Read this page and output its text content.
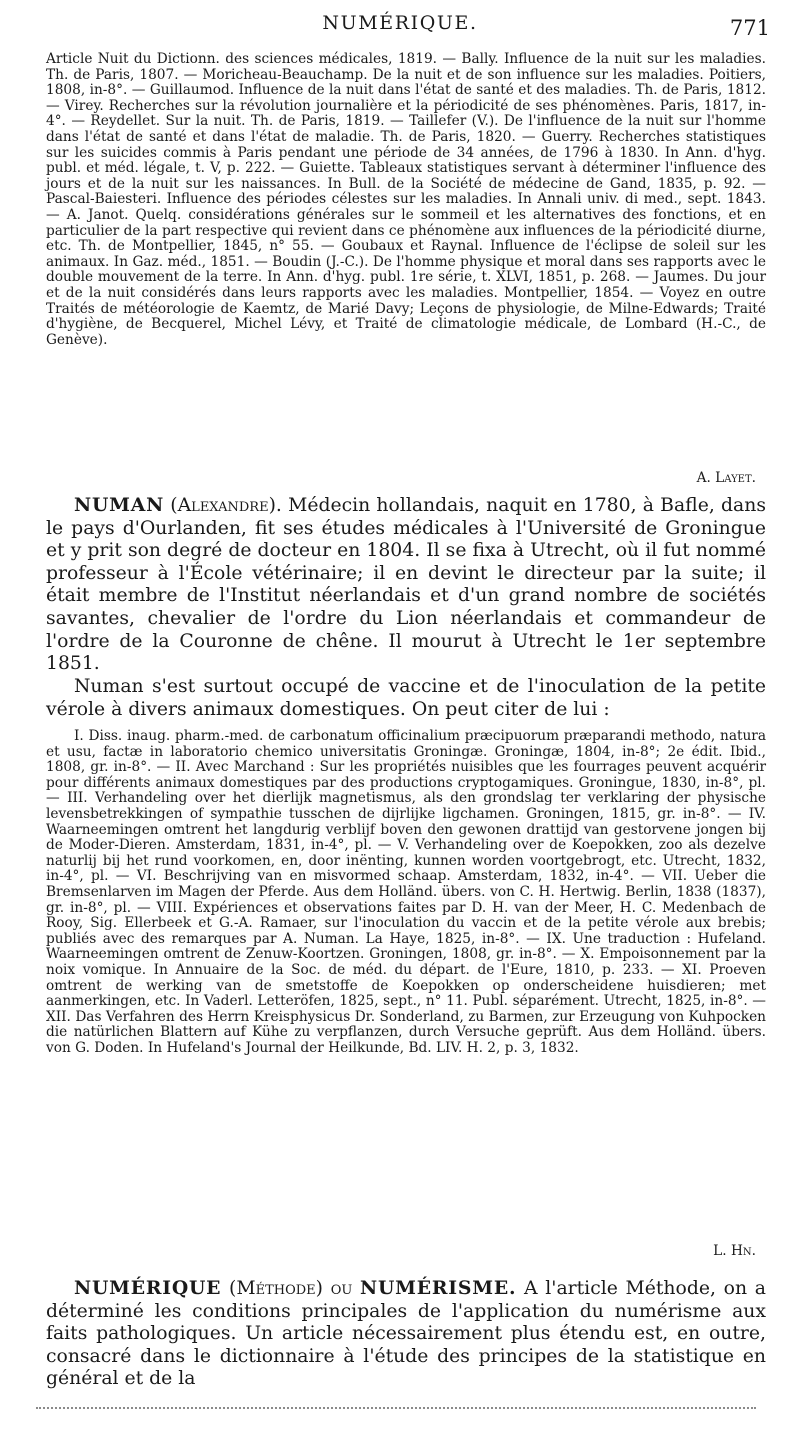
NUMÉRIQUE.	771

Article Nuit du Dictionn. des sciences médicales, 1819. — Bally. Influence de la nuit sur les maladies. Th. de Paris, 1807. — Moricheau-Beauchamp. De la nuit et de son influence sur les maladies. Poitiers, 1808, in-8°. — Guillaumod. Influence de la nuit dans l'état de santé et des maladies. Th. de Paris, 1812. — Virey. Recherches sur la révolution journalière et la périodicité de ses phénomènes. Paris, 1817, in-4°. — Reydellet. Sur la nuit. Th. de Paris, 1819. — Taillefer (V.). De l'influence de la nuit sur l'homme dans l'état de santé et dans l'état de maladie. Th. de Paris, 1820. — Guerry. Recherches statistiques sur les suicides commis à Paris pendant une période de 34 années, de 1796 à 1830. In Ann. d'hyg. publ. et méd. légale, t. V, p. 222. — Guiette. Tableaux statistiques servant à déterminer l'influence des jours et de la nuit sur les naissances. In Bull. de la Société de médecine de Gand, 1835, p. 92. — Pascal-Baiesteri. Influence des périodes célestes sur les maladies. In Annali univ. di med., sept. 1843. — A. Janot. Quelq. considérations générales sur le sommeil et les alternatives des fonctions, et en particulier de la part respective qui revient dans ce phénomène aux influences de la périodicité diurne, etc. Th. de Montpellier, 1845, n° 55. — Goubaux et Raynal. Influence de l'éclipse de soleil sur les animaux. In Gaz. méd., 1851. — Boudin (J.-C.). De l'homme physique et moral dans ses rapports avec le double mouvement de la terre. In Ann. d'hyg. publ. 1re série, t. XLVI, 1851, p. 268. — Jaumes. Du jour et de la nuit considérés dans leurs rapports avec les maladies. Montpellier, 1854. — Voyez en outre Traités de météorologie de Kaemtz, de Marié Davy; Leçons de physiologie, de Milne-Edwards; Traité d'hygiène, de Becquerel, Michel Lévy, et Traité de climatologie médicale, de Lombard (H.-C., de Genève).

A. Layet.

NUMAN (Alexandre). Médecin hollandais, naquit en 1780, à Bafle, dans le pays d'Ourlanden, fit ses études médicales à l'Université de Groningue et y prit son degré de docteur en 1804. Il se fixa à Utrecht, où il fut nommé professeur à l'École vétérinaire; il en devint le directeur par la suite; il était membre de l'Institut néerlandais et d'un grand nombre de sociétés savantes, chevalier de l'ordre du Lion néerlandais et commandeur de l'ordre de la Couronne de chêne. Il mourut à Utrecht le 1er septembre 1851.

Numan s'est surtout occupé de vaccine et de l'inoculation de la petite vérole à divers animaux domestiques. On peut citer de lui :

I. Diss. inaug. pharm.-med. de carbonatum officinalium præcipuorum præparandi methodo, natura et usu, factæ in laboratorio chemico universitatis Groningæ. Groningæ, 1804, in-8°; 2e édit. Ibid., 1808, gr. in-8°. — II. Avec Marchand : Sur les propriétés nuisibles que les fourrages peuvent acquérir pour différents animaux domestiques par des productions cryptogamiques. Groningue, 1830, in-8°, pl. — III. Verhandeling over het dierlijk magnetismus, als den grondslag ter verklaring der physische levensbetrekkingen of sympathie tusschen de dijrlijke ligchamen. Groningen, 1815, gr. in-8°. — IV. Waarneemingen omtrent het langdurig verblijf boven den gewonen drattijd van gestorvene jongen bij de Moder-Dieren. Amsterdam, 1831, in-4°, pl. — V. Verhandeling over de Koepokken, zoo als dezelve naturlij bij het rund voorkomen, en, door inënting, kunnen worden voortgebrogt, etc. Utrecht, 1832, in-4°, pl. — VI. Beschrijving van en misvormed schaap. Amsterdam, 1832, in-4°. — VII. Ueber die Bremsenlarven im Magen der Pferde. Aus dem Holländ. übers. von C. H. Hertwig. Berlin, 1838 (1837), gr. in-8°, pl. — VIII. Expériences et observations faites par D. H. van der Meer, H. C. Medenbach de Rooy, Sig. Ellerbeek et G.-A. Ramaer, sur l'inoculation du vaccin et de la petite vérole aux brebis; publiés avec des remarques par A. Numan. La Haye, 1825, in-8°. — IX. Une traduction : Hufeland. Waarneemingen omtrent de Zenuw-Koortzen. Groningen, 1808, gr. in-8°. — X. Empoisonnement par la noix vomique. In Annuaire de la Soc. de méd. du départ. de l'Eure, 1810, p. 233. — XI. Proeven omtrent de werking van de smetstoffe de Koepokken op onderscheidene huisdieren; met aanmerkingen, etc. In Vaderl. Letteröfen, 1825, sept., n° 11. Publ. séparément. Utrecht, 1825, in-8°. — XII. Das Verfahren des Herrn Kreisphysicus Dr. Sonderland, zu Barmen, zur Erzeugung von Kuhpocken die natürlichen Blattern auf Kühe zu verpflanzen, durch Versuche geprüft. Aus dem Holländ. übers. von G. Doden. In Hufeland's Journal der Heilkunde, Bd. LIV. H. 2, p. 3, 1832.

L. Hn.

NUMÉRIQUE (Méthode) ou NUMÉRISME. A l'article Méthode, on a déterminé les conditions principales de l'application du numérisme aux faits pathologiques. Un article nécessairement plus étendu est, en outre, consacré dans le dictionnaire à l'étude des principes de la statistique en général et de la
